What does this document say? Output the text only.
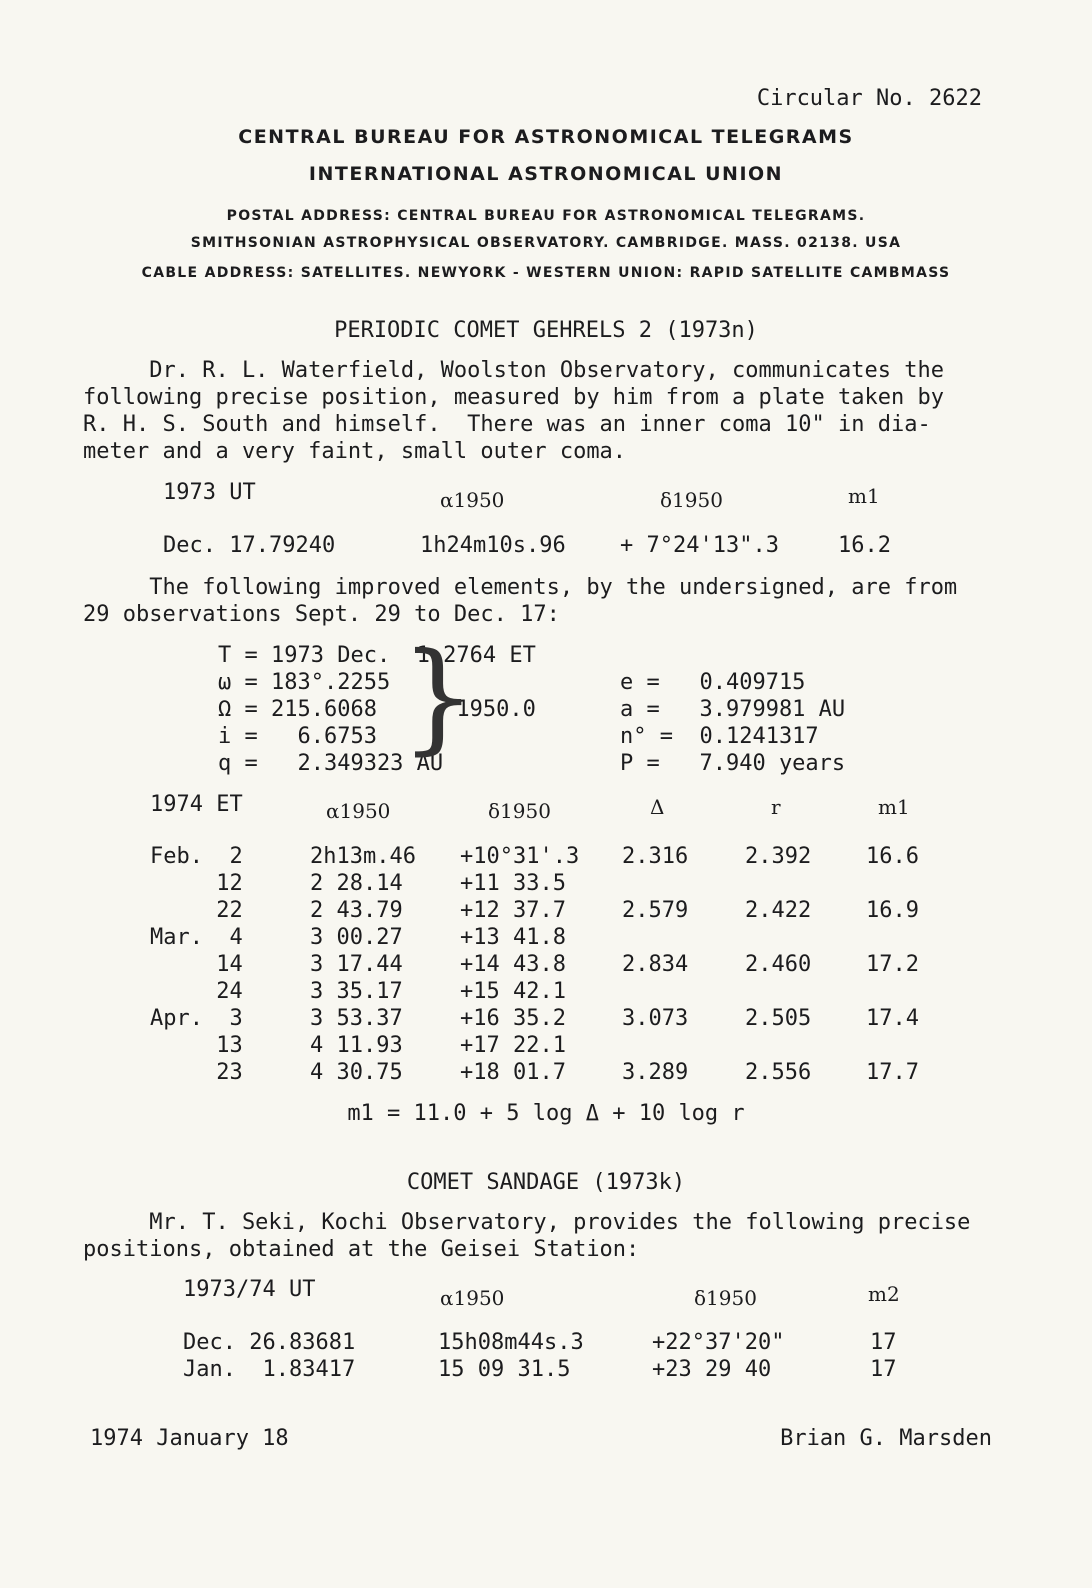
Circular No. 2622
CENTRAL BUREAU FOR ASTRONOMICAL TELEGRAMS
INTERNATIONAL ASTRONOMICAL UNION
POSTAL ADDRESS: CENTRAL BUREAU FOR ASTRONOMICAL TELEGRAMS.
SMITHSONIAN ASTROPHYSICAL OBSERVATORY. CAMBRIDGE. MASS. 02138. USA
CABLE ADDRESS: SATELLITES. NEWYORK - WESTERN UNION: RAPID SATELLITE CAMBMASS
PERIODIC COMET GEHRELS 2 (1973n)
Dr. R. L. Waterfield, Woolston Observatory, communicates the
following precise position, measured by him from a plate taken by
R. H. S. South and himself.  There was an inner coma 10" in dia-
meter and a very faint, small outer coma.
1973 UT	α1950	δ1950	m1
Dec. 17.79240	1h24m10s.96 + 7°24'13".3	16.2
The following improved elements, by the undersigned, are from
29 observations Sept. 29 to Dec. 17:
T = 1973 Dec.  1.2764 ET
ω = 183°.2255
Ω = 215.6068      1950.0
i =   6.6753
q =   2.349323 AU
}	e =   0.409715
a =   3.979981 AU
n° =  0.1241317
P =   7.940 years
1974 ET	α1950	δ1950	Δ	r	m1
Feb.  2	2h13m.46 +10°31'.3 2.316	2.392 16.6
12	2 28.14	+11 33.5
22	2 43.79	+12 37.7	2.579	2.422 16.9
Mar.  4	3 00.27	+13 41.8
14	3 17.44	+14 43.8	2.834	2.460 17.2
24	3 35.17	+15 42.1
Apr.  3	3 53.37	+16 35.2	3.073	2.505 17.4
13	4 11.93	+17 22.1
23	4 30.75	+18 01.7	3.289	2.556 17.7
m1 = 11.0 + 5 log Δ + 10 log r
COMET SANDAGE (1973k)
Mr. T. Seki, Kochi Observatory, provides the following precise
positions, obtained at the Geisei Station:
1973/74 UT	α1950	δ1950	m2
Dec. 26.83681	15h08m44s.3	+22°37'20"	17
Jan.  1.83417	15 09 31.5	+23 29 40	17
1974 January 18	Brian G. Marsden
